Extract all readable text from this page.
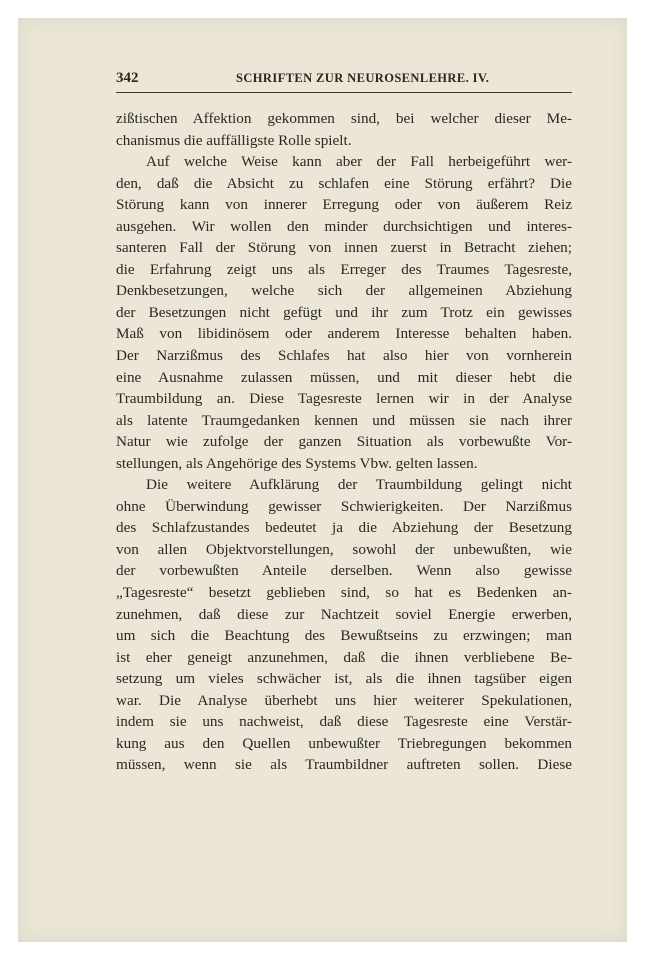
342	SCHRIFTEN ZUR NEUROSENLEHRE. IV.
zißtischen Affektion gekommen sind, bei welcher dieser Me-
chanismus die auffälligste Rolle spielt.
Auf welche Weise kann aber der Fall herbeigeführt wer-
den, daß die Absicht zu schlafen eine Störung erfährt? Die
Störung kann von innerer Erregung oder von äußerem Reiz
ausgehen. Wir wollen den minder durchsichtigen und interes-
santeren Fall der Störung von innen zuerst in Betracht ziehen;
die Erfahrung zeigt uns als Erreger des Traumes Tagesreste,
Denkbesetzungen, welche sich der allgemeinen Abziehung
der Besetzungen nicht gefügt und ihr zum Trotz ein gewisses
Maß von libidinösem oder anderem Interesse behalten haben.
Der Narzißmus des Schlafes hat also hier von vornherein
eine Ausnahme zulassen müssen, und mit dieser hebt die
Traumbildung an. Diese Tagesreste lernen wir in der Analyse
als latente Traumgedanken kennen und müssen sie nach ihrer
Natur wie zufolge der ganzen Situation als vorbewußte Vor-
stellungen, als Angehörige des Systems Vbw. gelten lassen.
Die weitere Aufklärung der Traumbildung gelingt nicht
ohne Überwindung gewisser Schwierigkeiten. Der Narzißmus
des Schlafzustandes bedeutet ja die Abziehung der Besetzung
von allen Objektvorstellungen, sowohl der unbewußten, wie
der vorbewußten Anteile derselben. Wenn also gewisse
„Tagesreste“ besetzt geblieben sind, so hat es Bedenken an-
zunehmen, daß diese zur Nachtzeit soviel Energie erwerben,
um sich die Beachtung des Bewußtseins zu erzwingen; man
ist eher geneigt anzunehmen, daß die ihnen verbliebene Be-
setzung um vieles schwächer ist, als die ihnen tagsüber eigen
war. Die Analyse überhebt uns hier weiterer Spekulationen,
indem sie uns nachweist, daß diese Tagesreste eine Verstär-
kung aus den Quellen unbewußter Triebregungen bekommen
müssen, wenn sie als Traumbildner auftreten sollen. Diese
